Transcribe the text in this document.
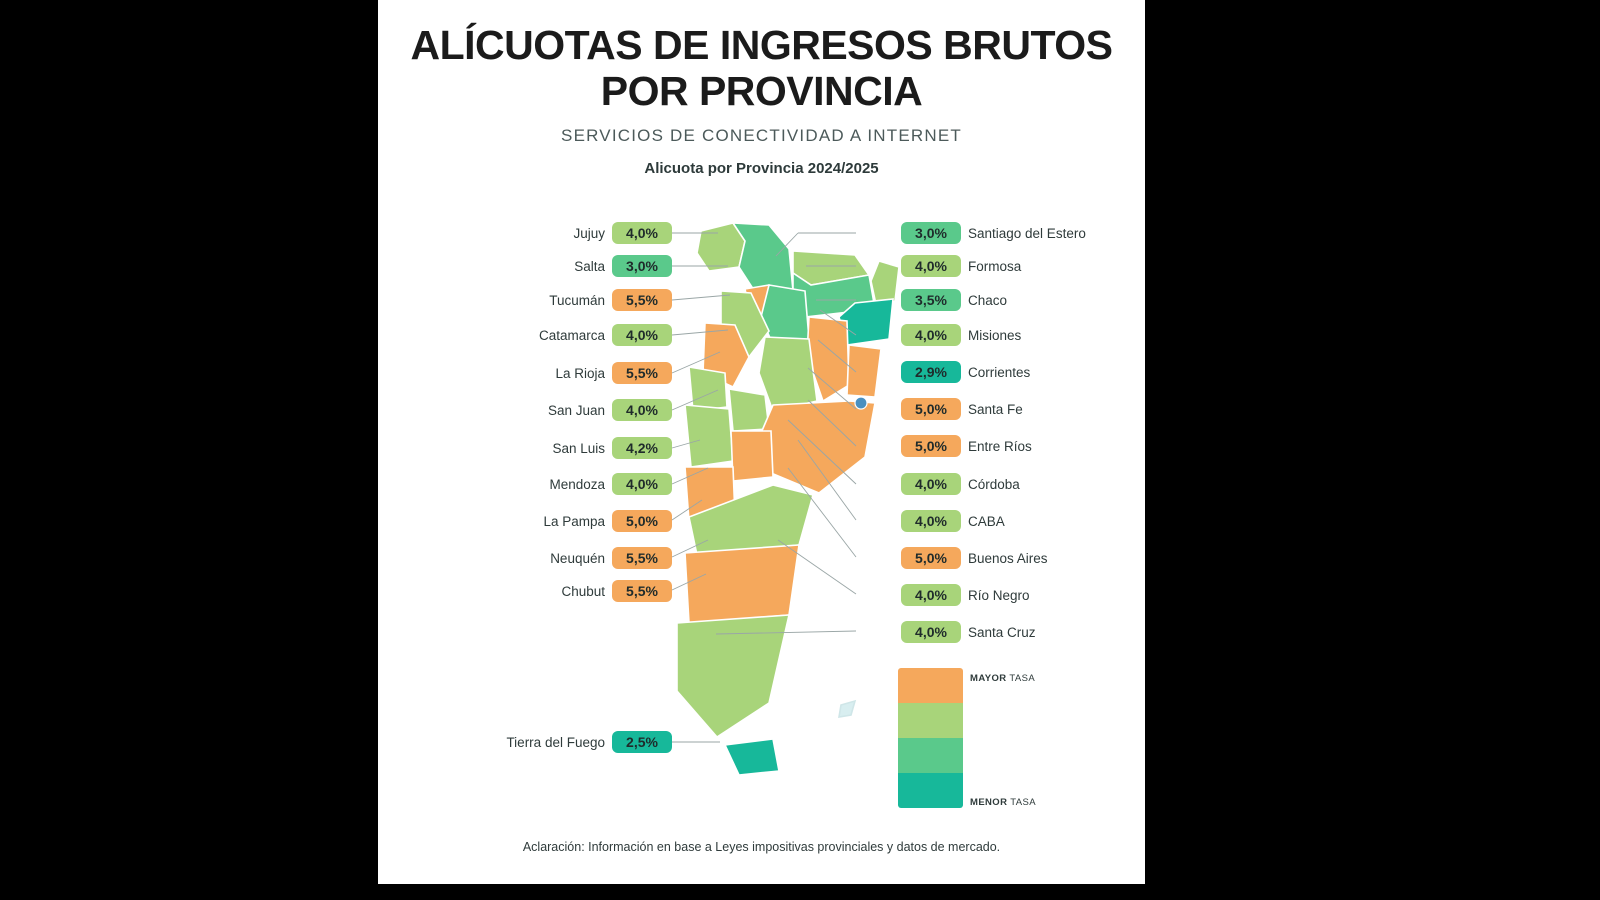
ALÍCUOTAS DE INGRESOS BRUTOS POR PROVINCIA
SERVICIOS DE CONECTIVIDAD A INTERNET
Alicuota por Provincia 2024/2025
Jujuy	4,0%
Salta	3,0%
Tucumán	5,5%
Catamarca	4,0%
La Rioja	5,5%
San Juan	4,0%
San Luis	4,2%
Mendoza	4,0%
La Pampa	5,0%
Neuquén	5,5%
Chubut	5,5%
Tierra del Fuego	2,5%
3,0%	Santiago del Estero
4,0%	Formosa
3,5%	Chaco
4,0%	Misiones
2,9%	Corrientes
5,0%	Santa Fe
5,0%	Entre Ríos
4,0%	Córdoba
4,0%	CABA
5,0%	Buenos Aires
4,0%	Río Negro
4,0%	Santa Cruz
MAYOR TASA
MENOR TASA
Aclaración: Información en base a Leyes impositivas provinciales y datos de mercado.
